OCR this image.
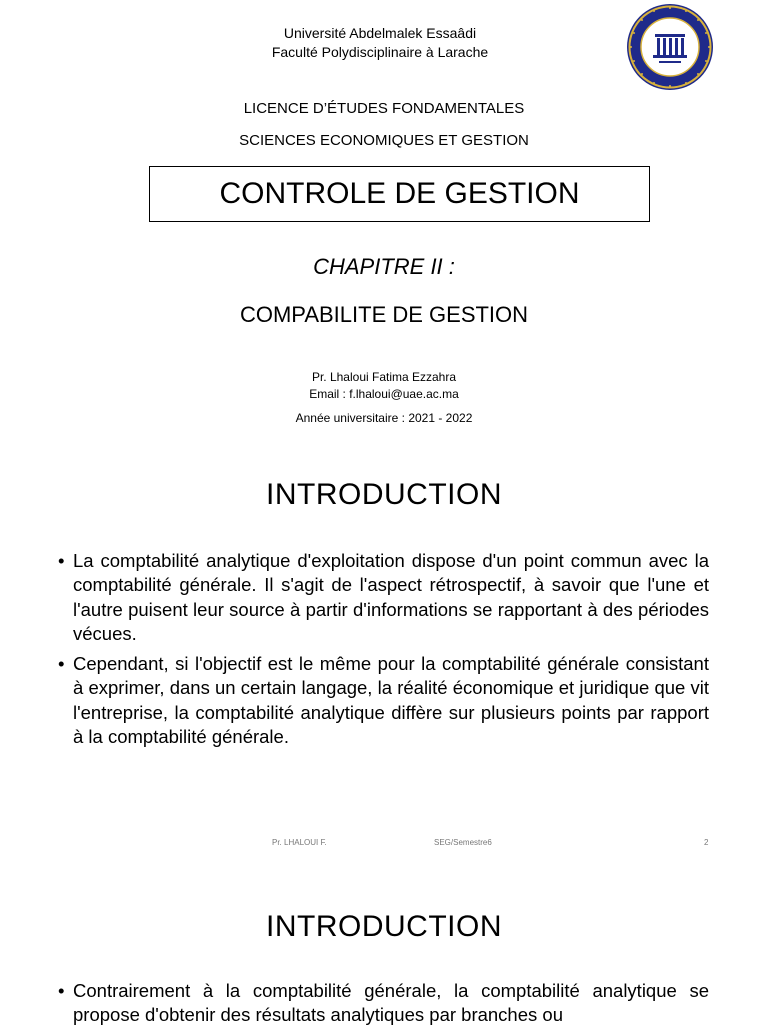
Université Abdelmalek Essaâdi
Faculté Polydisciplinaire à Larache
LICENCE D’ÉTUDES FONDAMENTALES
SCIENCES ECONOMIQUES ET GESTION
CONTROLE DE GESTION
CHAPITRE II :
COMPABILITE DE GESTION
Pr. Lhaloui Fatima Ezzahra
Email : f.lhaloui@uae.ac.ma
Année universitaire : 2021 - 2022
INTRODUCTION
• La comptabilité analytique d'exploitation dispose d'un point commun avec la comptabilité générale. Il s'agit de l'aspect rétrospectif, à savoir que l'une et l'autre puisent leur source à partir d'informations se rapportant à des périodes vécues.
• Cependant, si l'objectif est le même pour la comptabilité générale consistant à exprimer, dans un certain langage, la réalité économique et juridique que vit l'entreprise, la comptabilité analytique diffère sur plusieurs points par rapport à la comptabilité générale.
Pr. LHALOUI F.	SEG/Semestre6	2
INTRODUCTION
• Contrairement à la comptabilité générale, la comptabilité analytique se propose d'obtenir des résultats analytiques par branches ou
